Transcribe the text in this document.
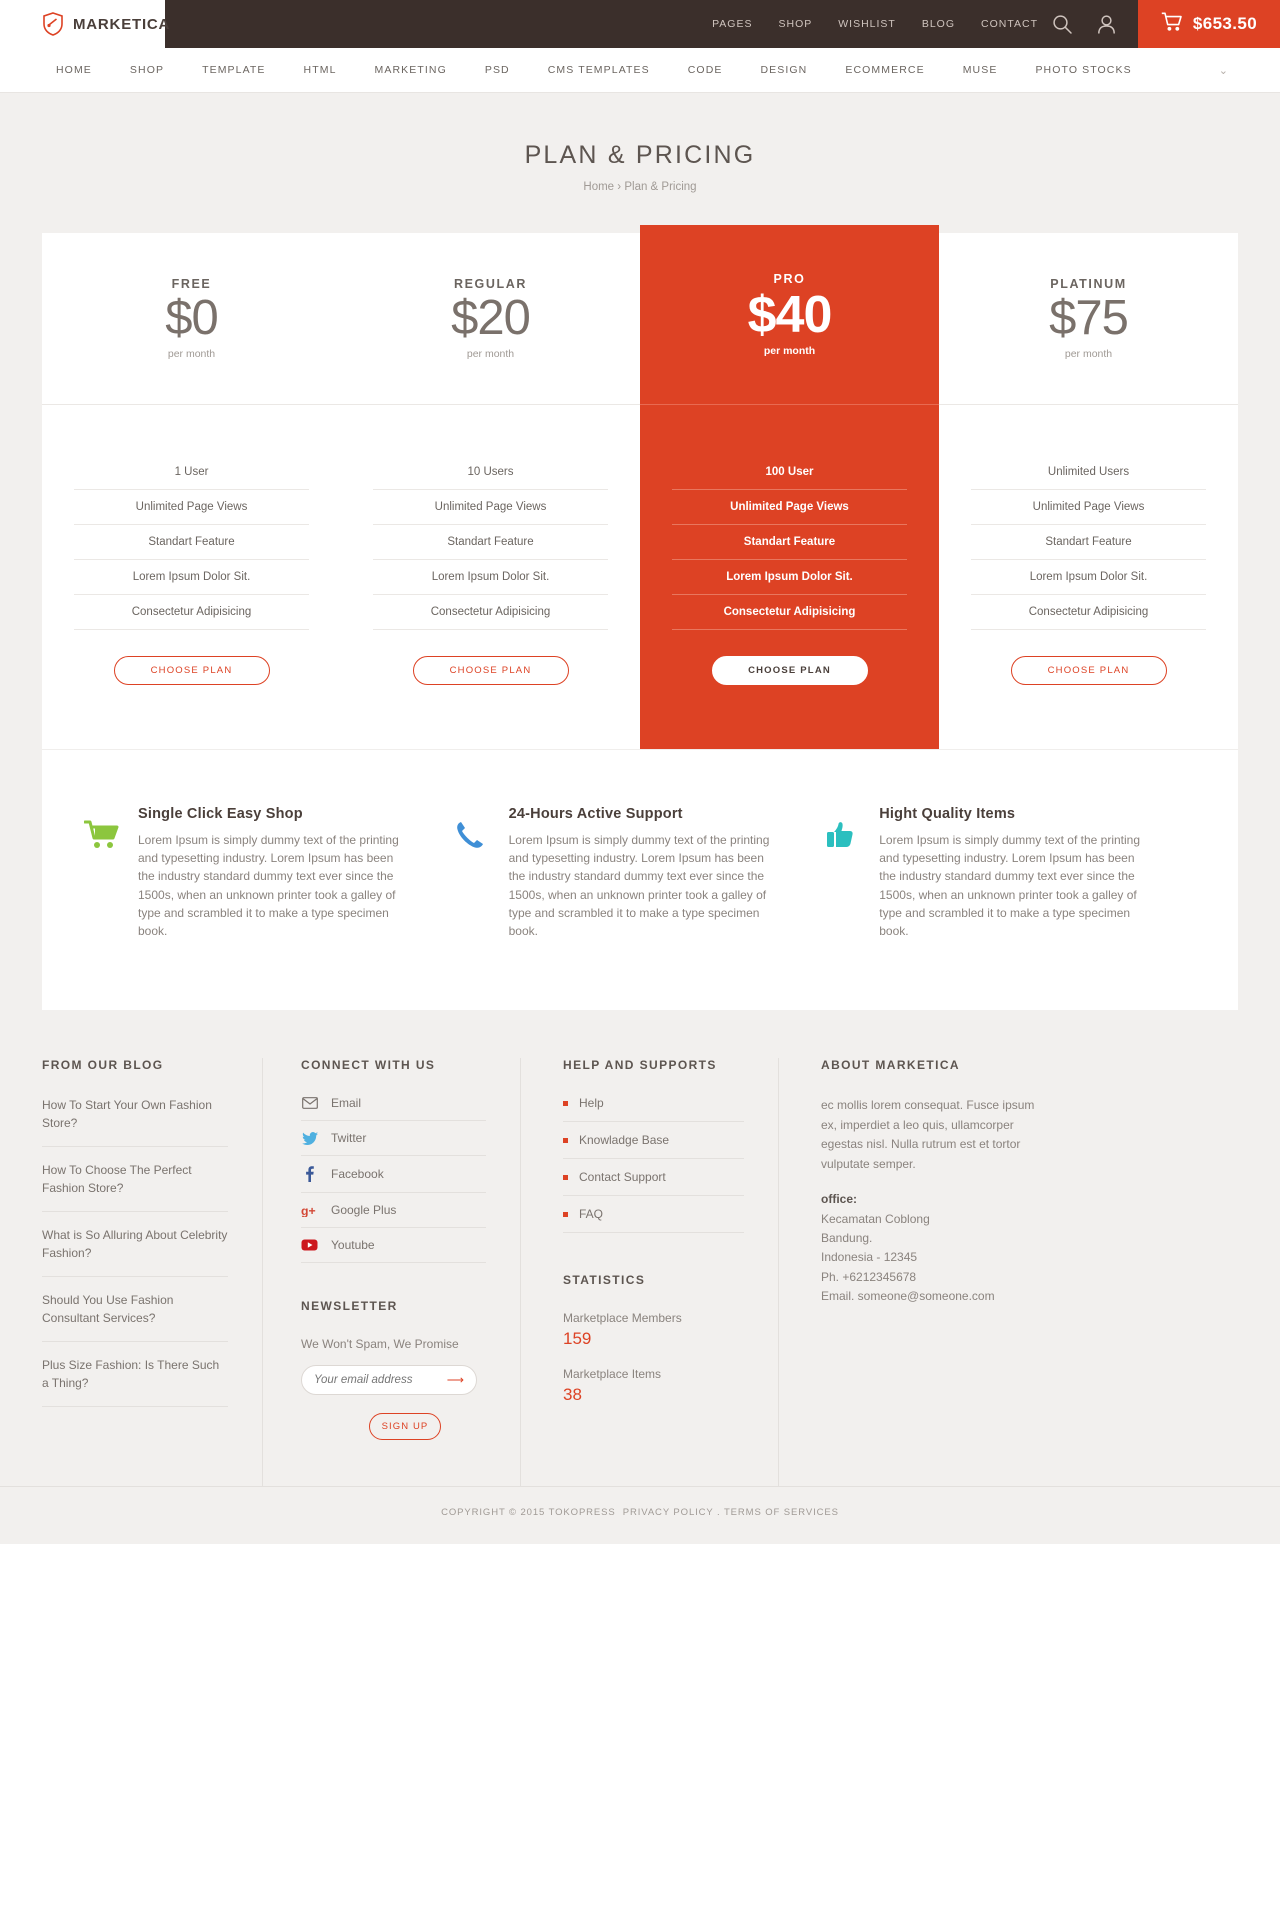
MARKETICA	PAGES SHOP WISHLIST BLOG CONTACT	$653.50
HOME	SHOP	TEMPLATE	HTML	MARKETING	PSD	CMS TEMPLATES	CODE	DESIGN	ECOMMERCE	MUSE	PHOTO STOCKS	⌄
PLAN & PRICING
Home › Plan & Pricing
FREE
$0
per month
1 User
Unlimited Page Views
Standart Feature
Lorem Ipsum Dolor Sit.
Consectetur Adipisicing
CHOOSE PLAN
REGULAR
$20
per month
10 Users
Unlimited Page Views
Standart Feature
Lorem Ipsum Dolor Sit.
Consectetur Adipisicing
CHOOSE PLAN
PRO
$40
per month
100 User
Unlimited Page Views
Standart Feature
Lorem Ipsum Dolor Sit.
Consectetur Adipisicing
CHOOSE PLAN
PLATINUM
$75
per month
Unlimited Users
Unlimited Page Views
Standart Feature
Lorem Ipsum Dolor Sit.
Consectetur Adipisicing
CHOOSE PLAN
Single Click Easy Shop

Lorem Ipsum is simply dummy text of the printing and typesetting industry. Lorem Ipsum has been the industry standard dummy text ever since the 1500s, when an unknown printer took a galley of type and scrambled it to make a type specimen book.

24-Hours Active Support

Lorem Ipsum is simply dummy text of the printing and typesetting industry. Lorem Ipsum has been the industry standard dummy text ever since the 1500s, when an unknown printer took a galley of type and scrambled it to make a type specimen book.

Hight Quality Items

Lorem Ipsum is simply dummy text of the printing and typesetting industry. Lorem Ipsum has been the industry standard dummy text ever since the 1500s, when an unknown printer took a galley of type and scrambled it to make a type specimen book.

FROM OUR BLOG
How To Start Your Own Fashion Store?
How To Choose The Perfect Fashion Store?
What is So Alluring About Celebrity Fashion?
Should You Use Fashion Consultant Services?
Plus Size Fashion: Is There Such a Thing?
CONNECT WITH US
Email
Twitter
Facebook
g+ Google Plus
Youtube
NEWSLETTER
We Won't Spam, We Promise
Your email address
⟶
SIGN UP
HELP AND SUPPORTS
Help
Knowladge Base
Contact Support
FAQ
STATISTICS
Marketplace Members
159
Marketplace Items
38
ABOUT MARKETICA

ec mollis lorem consequat. Fusce ipsum ex, imperdiet a leo quis, ullamcorper egestas nisl. Nulla rutrum est et tortor vulputate semper.

office:
Kecamatan Coblong
Bandung.
Indonesia - 12345
Ph. +6212345678
Email. someone@someone.com
COPYRIGHT © 2015 TOKOPRESS PRIVACY POLICY . TERMS OF SERVICES
